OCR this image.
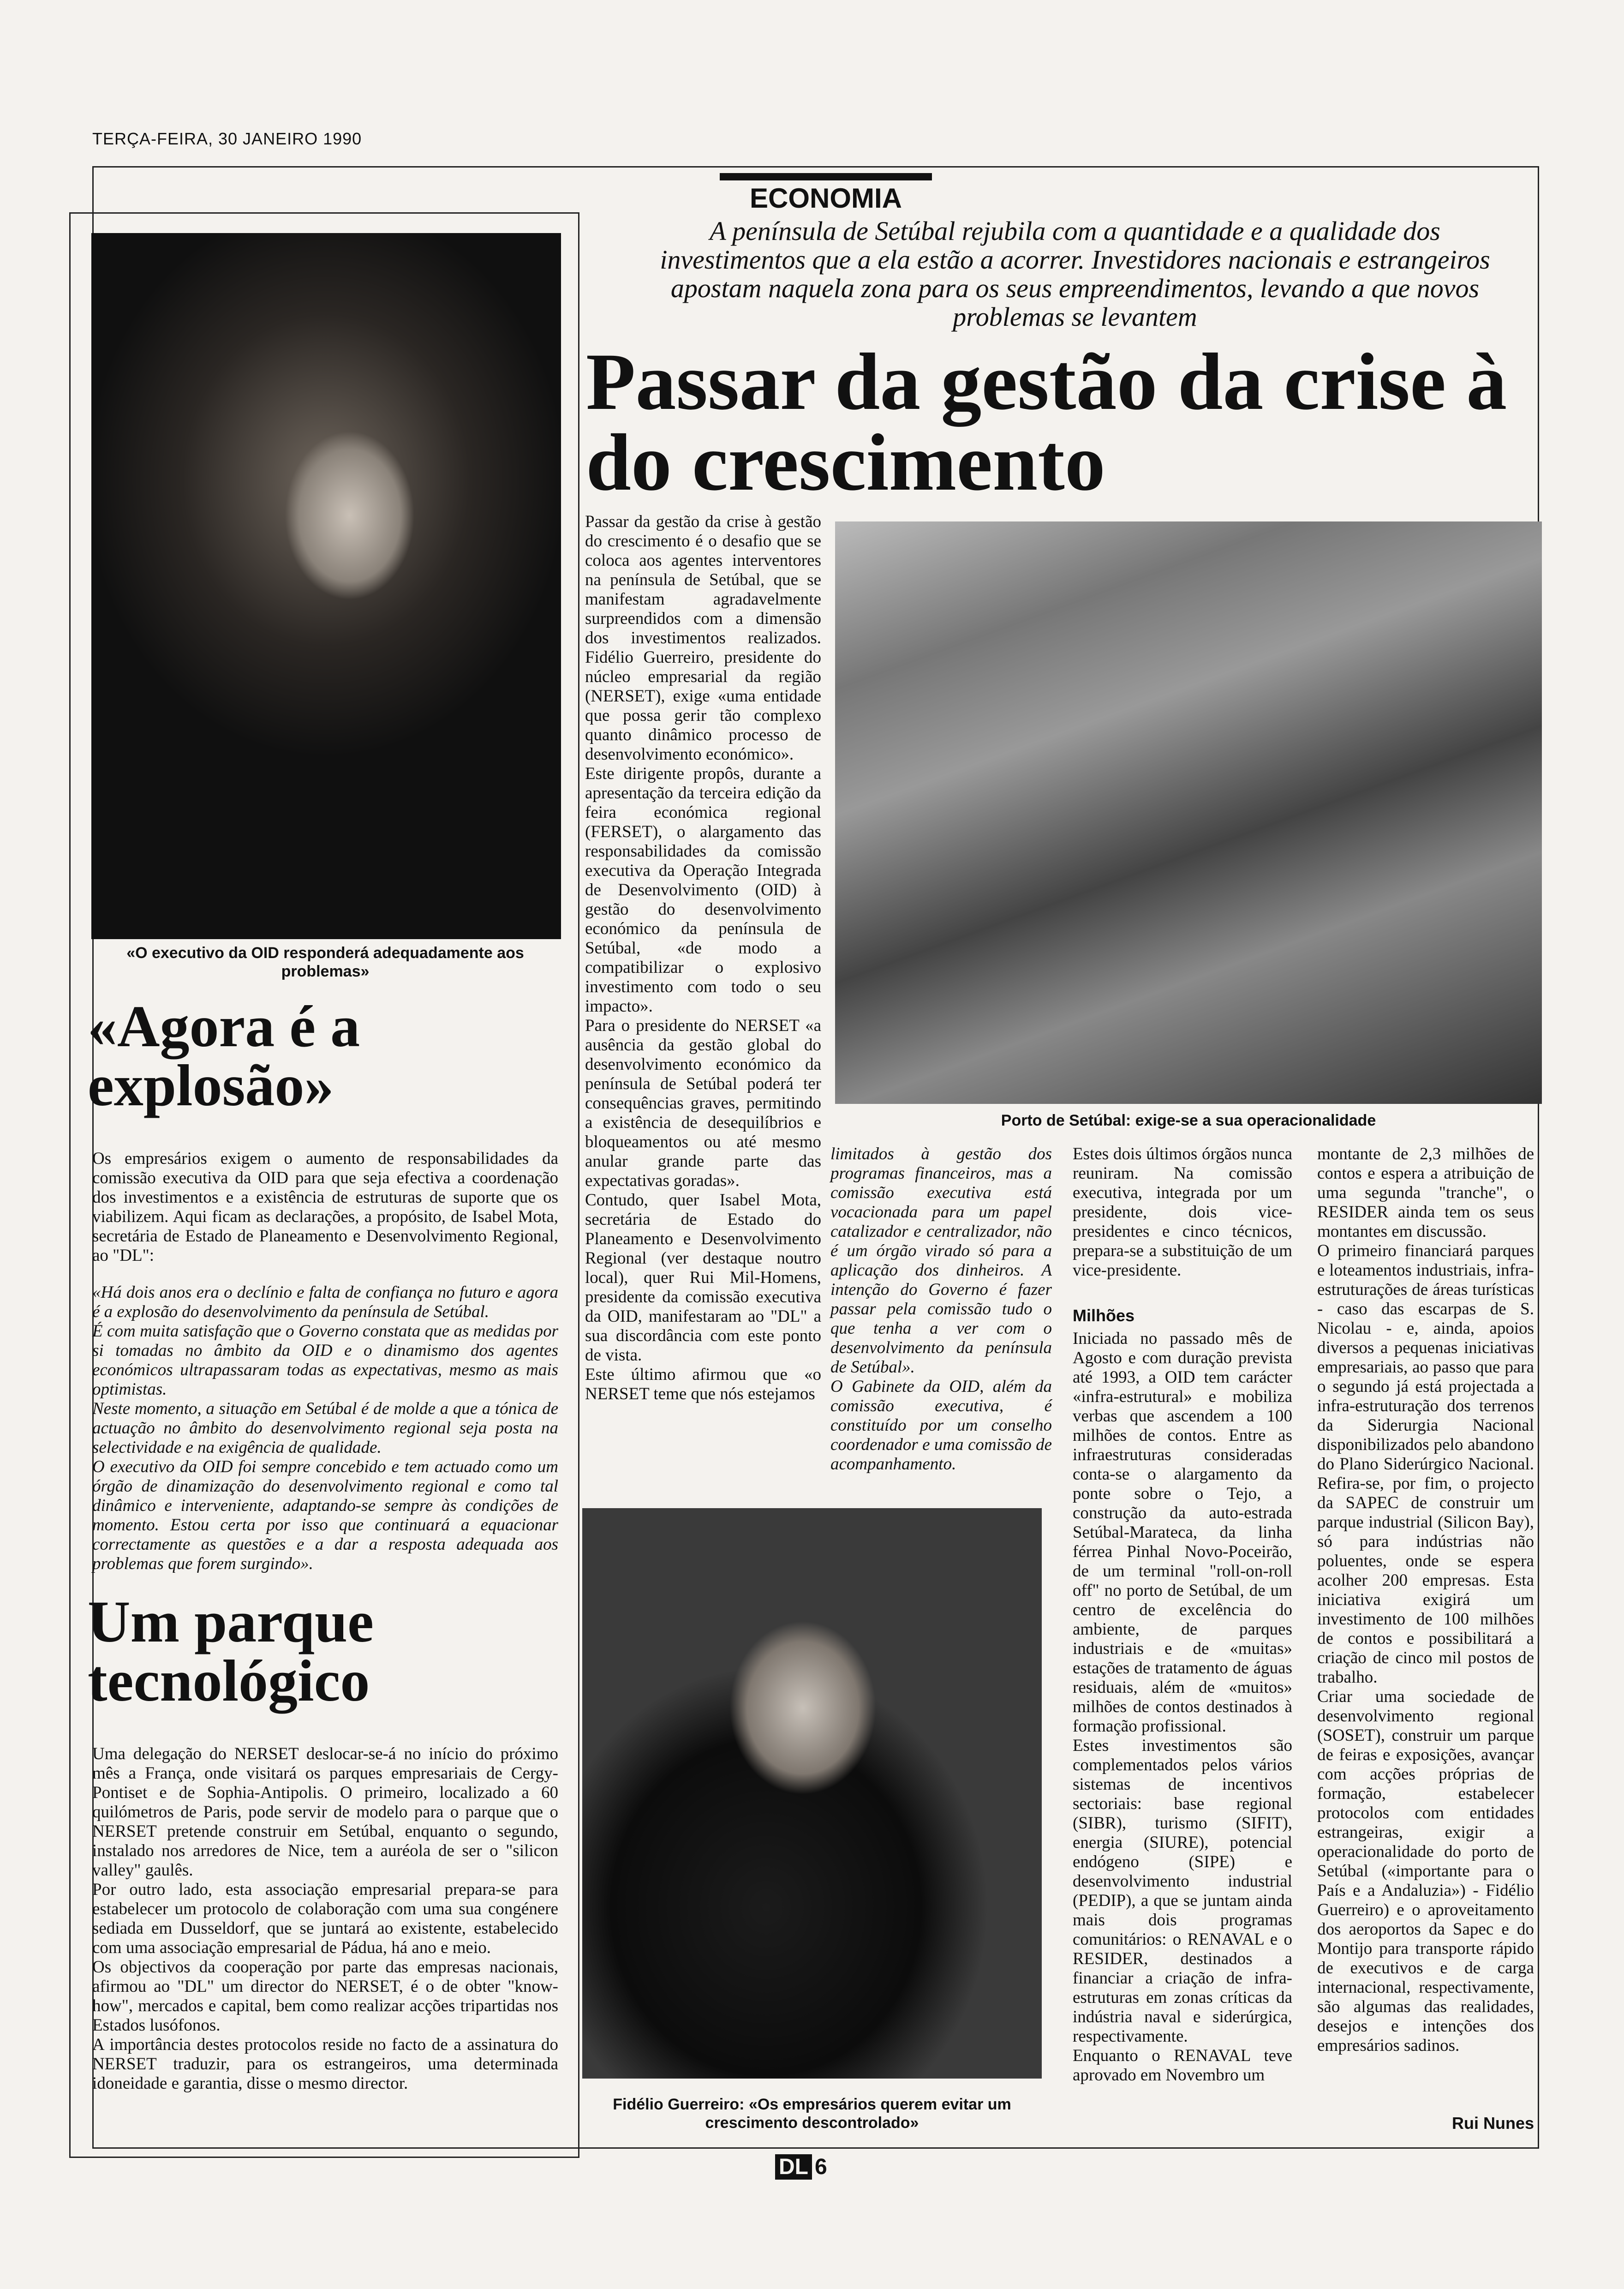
TERÇA-FEIRA, 30 JANEIRO 1990
ECONOMIA
A península de Setúbal rejubila com a quantidade e a qualidade dos investimentos que a ela estão a acorrer. Investidores nacionais e estrangeiros apostam naquela zona para os seus empreendimentos, levando a que novos problemas se levantem
Passar da gestão da crise à do crescimento
«O executivo da OID responderá adequadamente aos problemas»
Porto de Setúbal: exige-se a sua operacionalidade
Fidélio Guerreiro: «Os empresários querem evitar um crescimento descontrolado»
«Agora é a explosão»
Os empresários exigem o aumento de responsabilidades da comissão executiva da OID para que seja efectiva a coordenação dos investimentos e a existência de estruturas de suporte que os viabilizem. Aqui ficam as declarações, a propósito, de Isabel Mota, secretária de Estado de Planeamento e Desenvolvimento Regional, ao "DL":
«Há dois anos era o declínio e falta de confiança no futuro e agora é a explosão do desenvolvimento da península de Setúbal.
É com muita satisfação que o Governo constata que as medidas por si tomadas no âmbito da OID e o dinamismo dos agentes económicos ultrapassaram todas as expectativas, mesmo as mais optimistas.
Neste momento, a situação em Setúbal é de molde a que a tónica de actuação no âmbito do desenvolvimento regional seja posta na selectividade e na exigência de qualidade.
O executivo da OID foi sempre concebido e tem actuado como um órgão de dinamização do desenvolvimento regional e como tal dinâmico e interveniente, adaptando-se sempre às condições de momento. Estou certa por isso que continuará a equacionar correctamente as questões e a dar a resposta adequada aos problemas que forem surgindo».
Um parque tecnológico
Uma delegação do NERSET deslocar-se-á no início do próximo mês a França, onde visitará os parques empresariais de Cergy-Pontiset e de Sophia-Antipolis. O primeiro, localizado a 60 quilómetros de Paris, pode servir de modelo para o parque que o NERSET pretende construir em Setúbal, enquanto o segundo, instalado nos arredores de Nice, tem a auréola de ser o "silicon valley" gaulês.
Por outro lado, esta associação empresarial prepara-se para estabelecer um protocolo de colaboração com uma sua congénere sediada em Dusseldorf, que se juntará ao existente, estabelecido com uma associação empresarial de Pádua, há ano e meio.
Os objectivos da cooperação por parte das empresas nacionais, afirmou ao "DL" um director do NERSET, é o de obter "know-how", mercados e capital, bem como realizar acções tripartidas nos Estados lusófonos.
A importância destes protocolos reside no facto de a assinatura do NERSET traduzir, para os estrangeiros, uma determinada idoneidade e garantia, disse o mesmo director.
Passar da gestão da crise à gestão do crescimento é o desafio que se coloca aos agentes interventores na península de Setúbal, que se manifestam agradavelmente surpreendidos com a dimensão dos investimentos realizados. Fidélio Guerreiro, presidente do núcleo empresarial da região (NERSET), exige «uma entidade que possa gerir tão complexo quanto dinâmico processo de desenvolvimento económico».
Este dirigente propôs, durante a apresentação da terceira edição da feira económica regional (FERSET), o alargamento das responsabilidades da comissão executiva da Operação Integrada de Desenvolvimento (OID) à gestão do desenvolvimento económico da península de Setúbal, «de modo a compatibilizar o explosivo investimento com todo o seu impacto».
Para o presidente do NERSET «a ausência da gestão global do desenvolvimento económico da península de Setúbal poderá ter consequências graves, permitindo a existência de desequilíbrios e bloqueamentos ou até mesmo anular grande parte das expectativas goradas».
Contudo, quer Isabel Mota, secretária de Estado do Planeamento e Desenvolvimento Regional (ver destaque noutro local), quer Rui Mil-Homens, presidente da comissão executiva da OID, manifestaram ao "DL" a sua discordância com este ponto de vista.
Este último afirmou que «o NERSET teme que nós estejamos
limitados à gestão dos programas financeiros, mas a comissão executiva está vocacionada para um papel catalizador e centralizador, não é um órgão virado só para a aplicação dos dinheiros. A intenção do Governo é fazer passar pela comissão tudo o que tenha a ver com o desenvolvimento da península de Setúbal».
O Gabinete da OID, além da comissão executiva, é constituído por um conselho coordenador e uma comissão de acompanhamento.
Estes dois últimos órgãos nunca reuniram. Na comissão executiva, integrada por um presidente, dois vice-presidentes e cinco técnicos, prepara-se a substituição de um vice-presidente.
Milhões
Iniciada no passado mês de Agosto e com duração prevista até 1993, a OID tem carácter «infra-estrutural» e mobiliza verbas que ascendem a 100 milhões de contos. Entre as infraestruturas consideradas conta-se o alargamento da ponte sobre o Tejo, a construção da auto-estrada Setúbal-Marateca, da linha férrea Pinhal Novo-Poceirão, de um terminal "roll-on-roll off" no porto de Setúbal, de um centro de excelência do ambiente, de parques industriais e de «muitas» estações de tratamento de águas residuais, além de «muitos» milhões de contos destinados à formação profissional.
Estes investimentos são complementados pelos vários sistemas de incentivos sectoriais: base regional (SIBR), turismo (SIFIT), energia (SIURE), potencial endógeno (SIPE) e desenvolvimento industrial (PEDIP), a que se juntam ainda mais dois programas comunitários: o RENAVAL e o RESIDER, destinados a financiar a criação de infra-estruturas em zonas críticas da indústria naval e siderúrgica, respectivamente.
Enquanto o RENAVAL teve aprovado em Novembro um
montante de 2,3 milhões de contos e espera a atribuição de uma segunda "tranche", o RESIDER ainda tem os seus montantes em discussão.
O primeiro financiará parques e loteamentos industriais, infra-estruturações de áreas turísticas - caso das escarpas de S. Nicolau - e, ainda, apoios diversos a pequenas iniciativas empresariais, ao passo que para o segundo já está projectada a infra-estruturação dos terrenos da Siderurgia Nacional disponibilizados pelo abandono do Plano Siderúrgico Nacional. Refira-se, por fim, o projecto da SAPEC de construir um parque industrial (Silicon Bay), só para indústrias não poluentes, onde se espera acolher 200 empresas. Esta iniciativa exigirá um investimento de 100 milhões de contos e possibilitará a criação de cinco mil postos de trabalho.
Criar uma sociedade de desenvolvimento regional (SOSET), construir um parque de feiras e exposições, avançar com acções próprias de formação, estabelecer protocolos com entidades estrangeiras, exigir a operacionalidade do porto de Setúbal («importante para o País e a Andaluzia») - Fidélio Guerreiro) e o aproveitamento dos aeroportos da Sapec e do Montijo para transporte rápido de executivos e de carga internacional, respectivamente, são algumas das realidades, desejos e intenções dos empresários sadinos.
Rui Nunes
DL 6
